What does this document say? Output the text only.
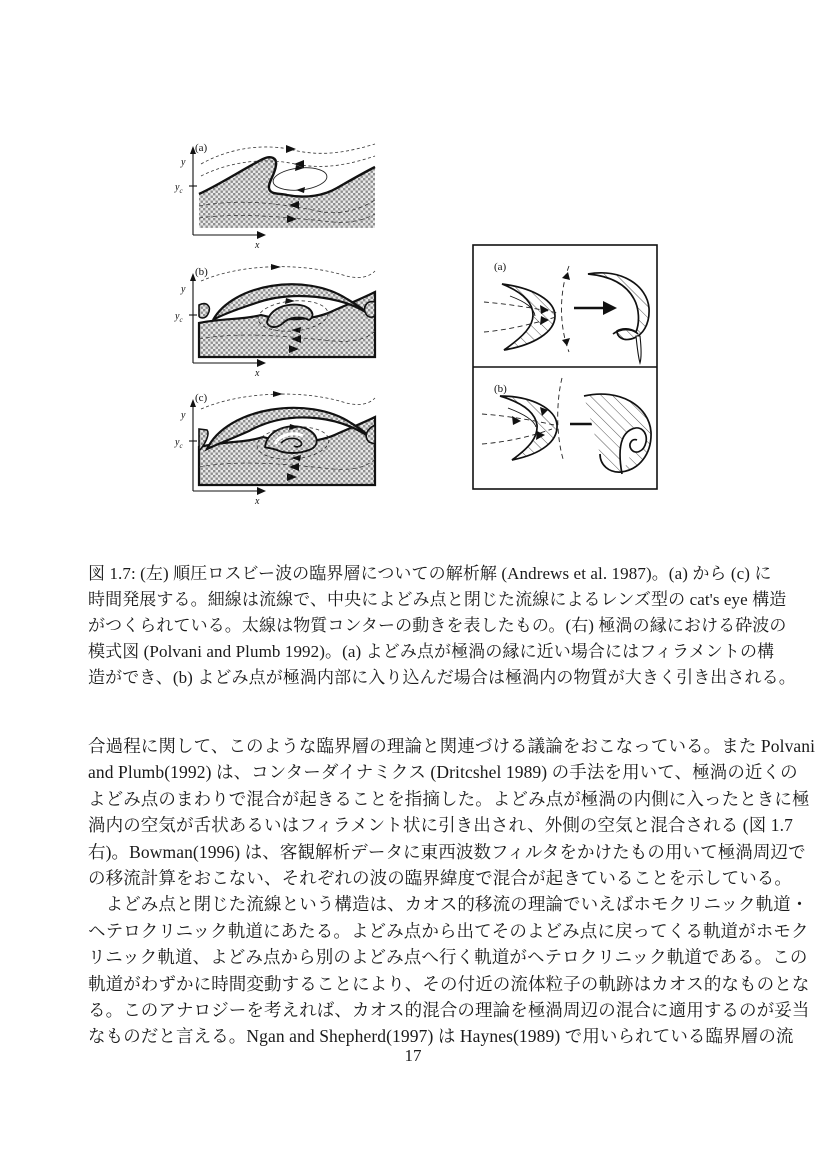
y
$y_c$
x
(a)
y
$y_c$
x
(b)
y
$y_c$
x
(c)
(a)
(b)
図 1.7: (左) 順圧ロスビー波の臨界層についての解析解 (Andrews et al. 1987)。(a) から (c) に
時間発展する。細線は流線で、中央によどみ点と閉じた流線によるレンズ型の cat's eye 構造
がつくられている。太線は物質コンターの動きを表したもの。(右) 極渦の縁における砕波の
模式図 (Polvani and Plumb 1992)。(a) よどみ点が極渦の縁に近い場合にはフィラメントの構
造ができ、(b) よどみ点が極渦内部に入り込んだ場合は極渦内の物質が大きく引き出される。
合過程に関して、このような臨界層の理論と関連づける議論をおこなっている。また Polvani
and Plumb(1992) は、コンターダイナミクス (Dritcshel 1989) の手法を用いて、極渦の近くの
よどみ点のまわりで混合が起きることを指摘した。よどみ点が極渦の内側に入ったときに極
渦内の空気が舌状あるいはフィラメント状に引き出され、外側の空気と混合される (図 1.7
右)。Bowman(1996) は、客観解析データに東西波数フィルタをかけたもの用いて極渦周辺で
の移流計算をおこない、それぞれの波の臨界緯度で混合が起きていることを示している。
　よどみ点と閉じた流線という構造は、カオス的移流の理論でいえばホモクリニック軌道・
ヘテロクリニック軌道にあたる。よどみ点から出てそのよどみ点に戻ってくる軌道がホモク
リニック軌道、よどみ点から別のよどみ点へ行く軌道がヘテロクリニック軌道である。この
軌道がわずかに時間変動することにより、その付近の流体粒子の軌跡はカオス的なものとな
る。このアナロジーを考えれば、カオス的混合の理論を極渦周辺の混合に適用するのが妥当
なものだと言える。Ngan and Shepherd(1997) は Haynes(1989) で用いられている臨界層の流
17
